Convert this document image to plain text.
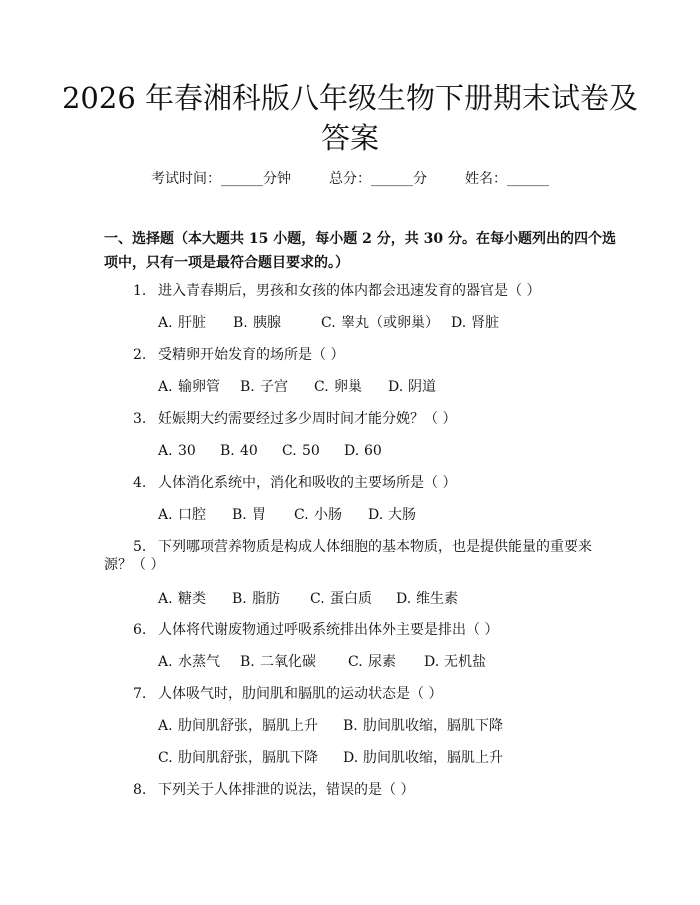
2026 年春湘科版八年级生物下册期末试卷及
答案
考试时间：______分钟	总分：______分	姓名：______
一、选择题（本大题共 15 小题，每小题 2 分，共 30 分。在每小题列出的四个选
项中，只有一项是最符合题目要求的。）
1. 进入青春期后，男孩和女孩的体内都会迅速发育的器官是（ ）
A. 肝脏 B. 胰腺	C. 睾丸（或卵巢） D. 肾脏
2. 受精卵开始发育的场所是（ ）
A. 输卵管 B. 子宫 C. 卵巢 D. 阴道
3. 妊娠期大约需要经过多少周时间才能分娩？（ ）
A. 30 B. 40 C. 50 D. 60
4. 人体消化系统中，消化和吸收的主要场所是（ ）
A. 口腔 B. 胃 C. 小肠 D. 大肠
5. 下列哪项营养物质是构成人体细胞的基本物质，也是提供能量的重要来
源？（ ）
A. 糖类 B. 脂肪 C. 蛋白质 D. 维生素
6. 人体将代谢废物通过呼吸系统排出体外主要是排出（ ）
A. 水蒸气 B. 二氧化碳 C. 尿素 D. 无机盐
7. 人体吸气时，肋间肌和膈肌的运动状态是（ ）
A. 肋间肌舒张，膈肌上升 B. 肋间肌收缩，膈肌下降
C. 肋间肌舒张，膈肌下降 D. 肋间肌收缩，膈肌上升
8. 下列关于人体排泄的说法，错误的是（ ）
